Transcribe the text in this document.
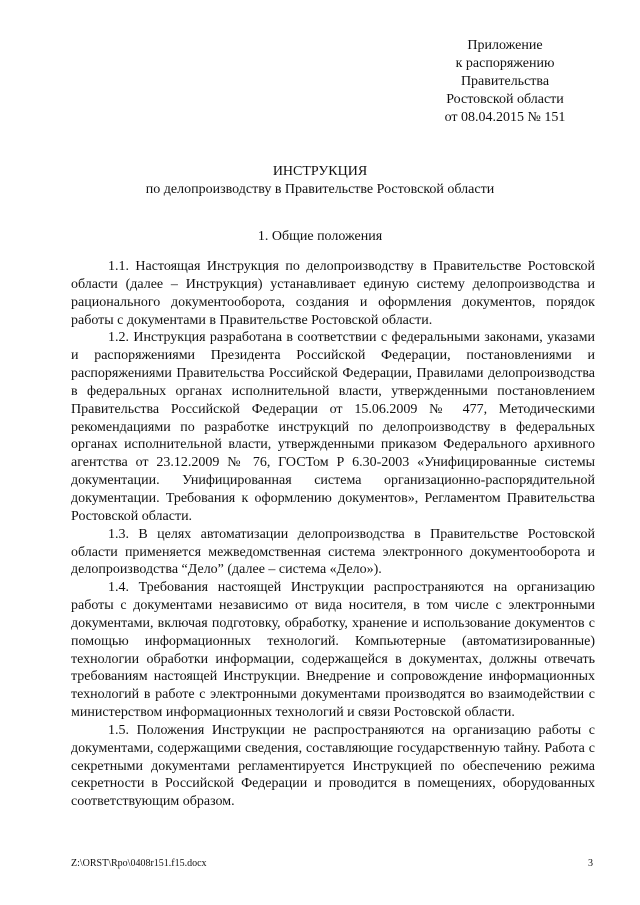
Приложение
к распоряжению
Правительства
Ростовской области
от 08.04.2015 № 151
ИНСТРУКЦИЯ
по делопроизводству в Правительстве Ростовской области
1. Общие положения

1.1. Настоящая Инструкция по делопроизводству в Правительстве Ростовской области (далее – Инструкция) устанавливает единую систему делопроизводства и рационального документооборота, создания и оформления документов, порядок работы с документами в Правительстве Ростовской области.

1.2. Инструкция разработана в соответствии с федеральными законами, указами и распоряжениями Президента Российской Федерации, постановлениями и распоряжениями Правительства Российской Федерации, Правилами делопроизводства в федеральных органах исполнительной власти, утвержденными постановлением Правительства Российской Федерации от 15.06.2009 № 477, Методическими рекомендациями по разработке инструкций по делопроизводству в федеральных органах исполнительной власти, утвержденными приказом Федерального архивного агентства от 23.12.2009 № 76, ГОСТом Р 6.30-2003 «Унифицированные системы документации. Унифицированная система организационно-распорядительной документации. Требования к оформлению документов», Регламентом Правительства Ростовской области.

1.3. В целях автоматизации делопроизводства в Правительстве Ростовской области применяется межведомственная система электронного документооборота и делопроизводства “Дело” (далее – система «Дело»).

1.4. Требования настоящей Инструкции распространяются на организацию работы с документами независимо от вида носителя, в том числе с электронными документами, включая подготовку, обработку, хранение и использование документов с помощью информационных технологий. Компьютерные (автоматизированные) технологии обработки информации, содержащейся в документах, должны отвечать требованиям настоящей Инструкции. Внедрение и сопровождение информационных технологий в работе с электронными документами производятся во взаимодействии с министерством информационных технологий и связи Ростовской области.

1.5. Положения Инструкции не распространяются на организацию работы с документами, содержащими сведения, составляющие государственную тайну. Работа с секретными документами регламентируется Инструкцией по обеспечению режима секретности в Российской Федерации и проводится в помещениях, оборудованных соответствующим образом.

Z:\ORST\Rpo\0408r151.f15.docx	3
